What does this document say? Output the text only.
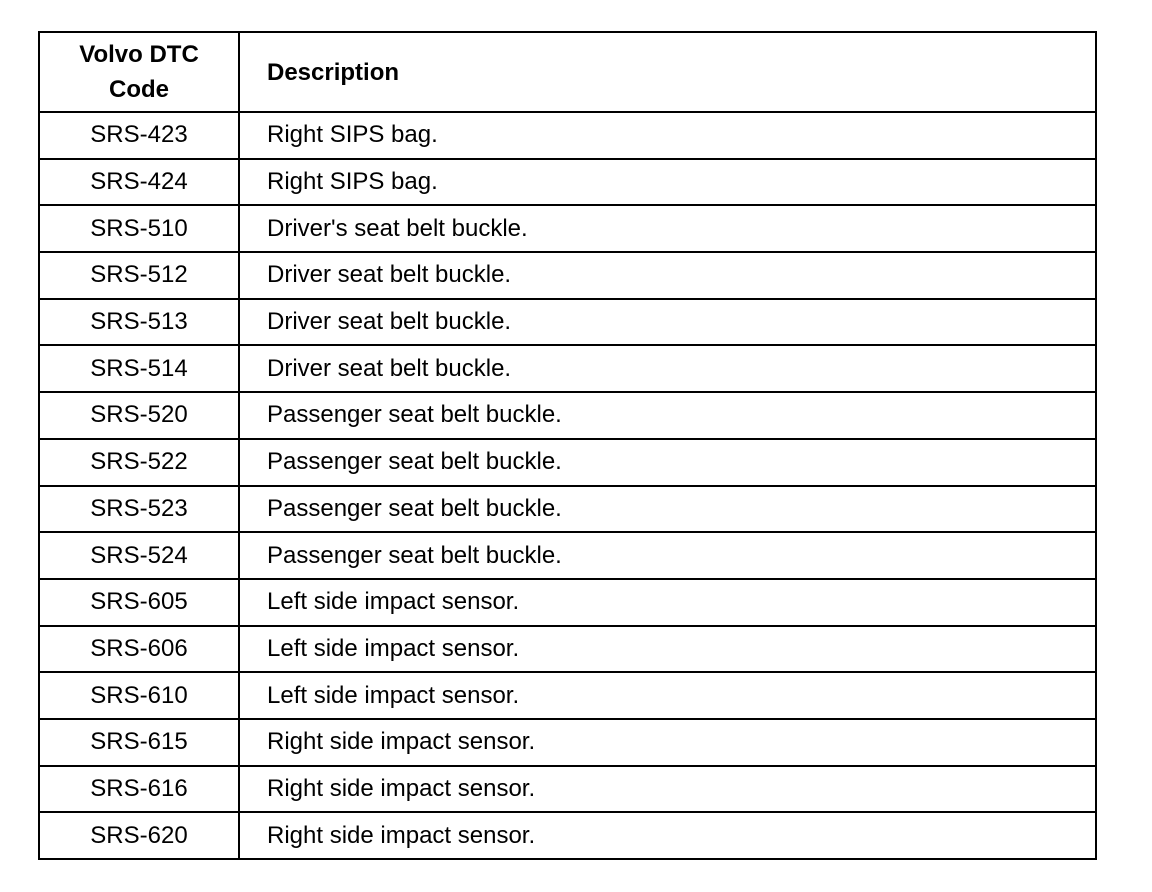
Volvo DTC
Code	Description
SRS-423	Right SIPS bag.
SRS-424	Right SIPS bag.
SRS-510	Driver's seat belt buckle.
SRS-512	Driver seat belt buckle.
SRS-513	Driver seat belt buckle.
SRS-514	Driver seat belt buckle.
SRS-520	Passenger seat belt buckle.
SRS-522	Passenger seat belt buckle.
SRS-523	Passenger seat belt buckle.
SRS-524	Passenger seat belt buckle.
SRS-605	Left side impact sensor.
SRS-606	Left side impact sensor.
SRS-610	Left side impact sensor.
SRS-615	Right side impact sensor.
SRS-616	Right side impact sensor.
SRS-620	Right side impact sensor.
